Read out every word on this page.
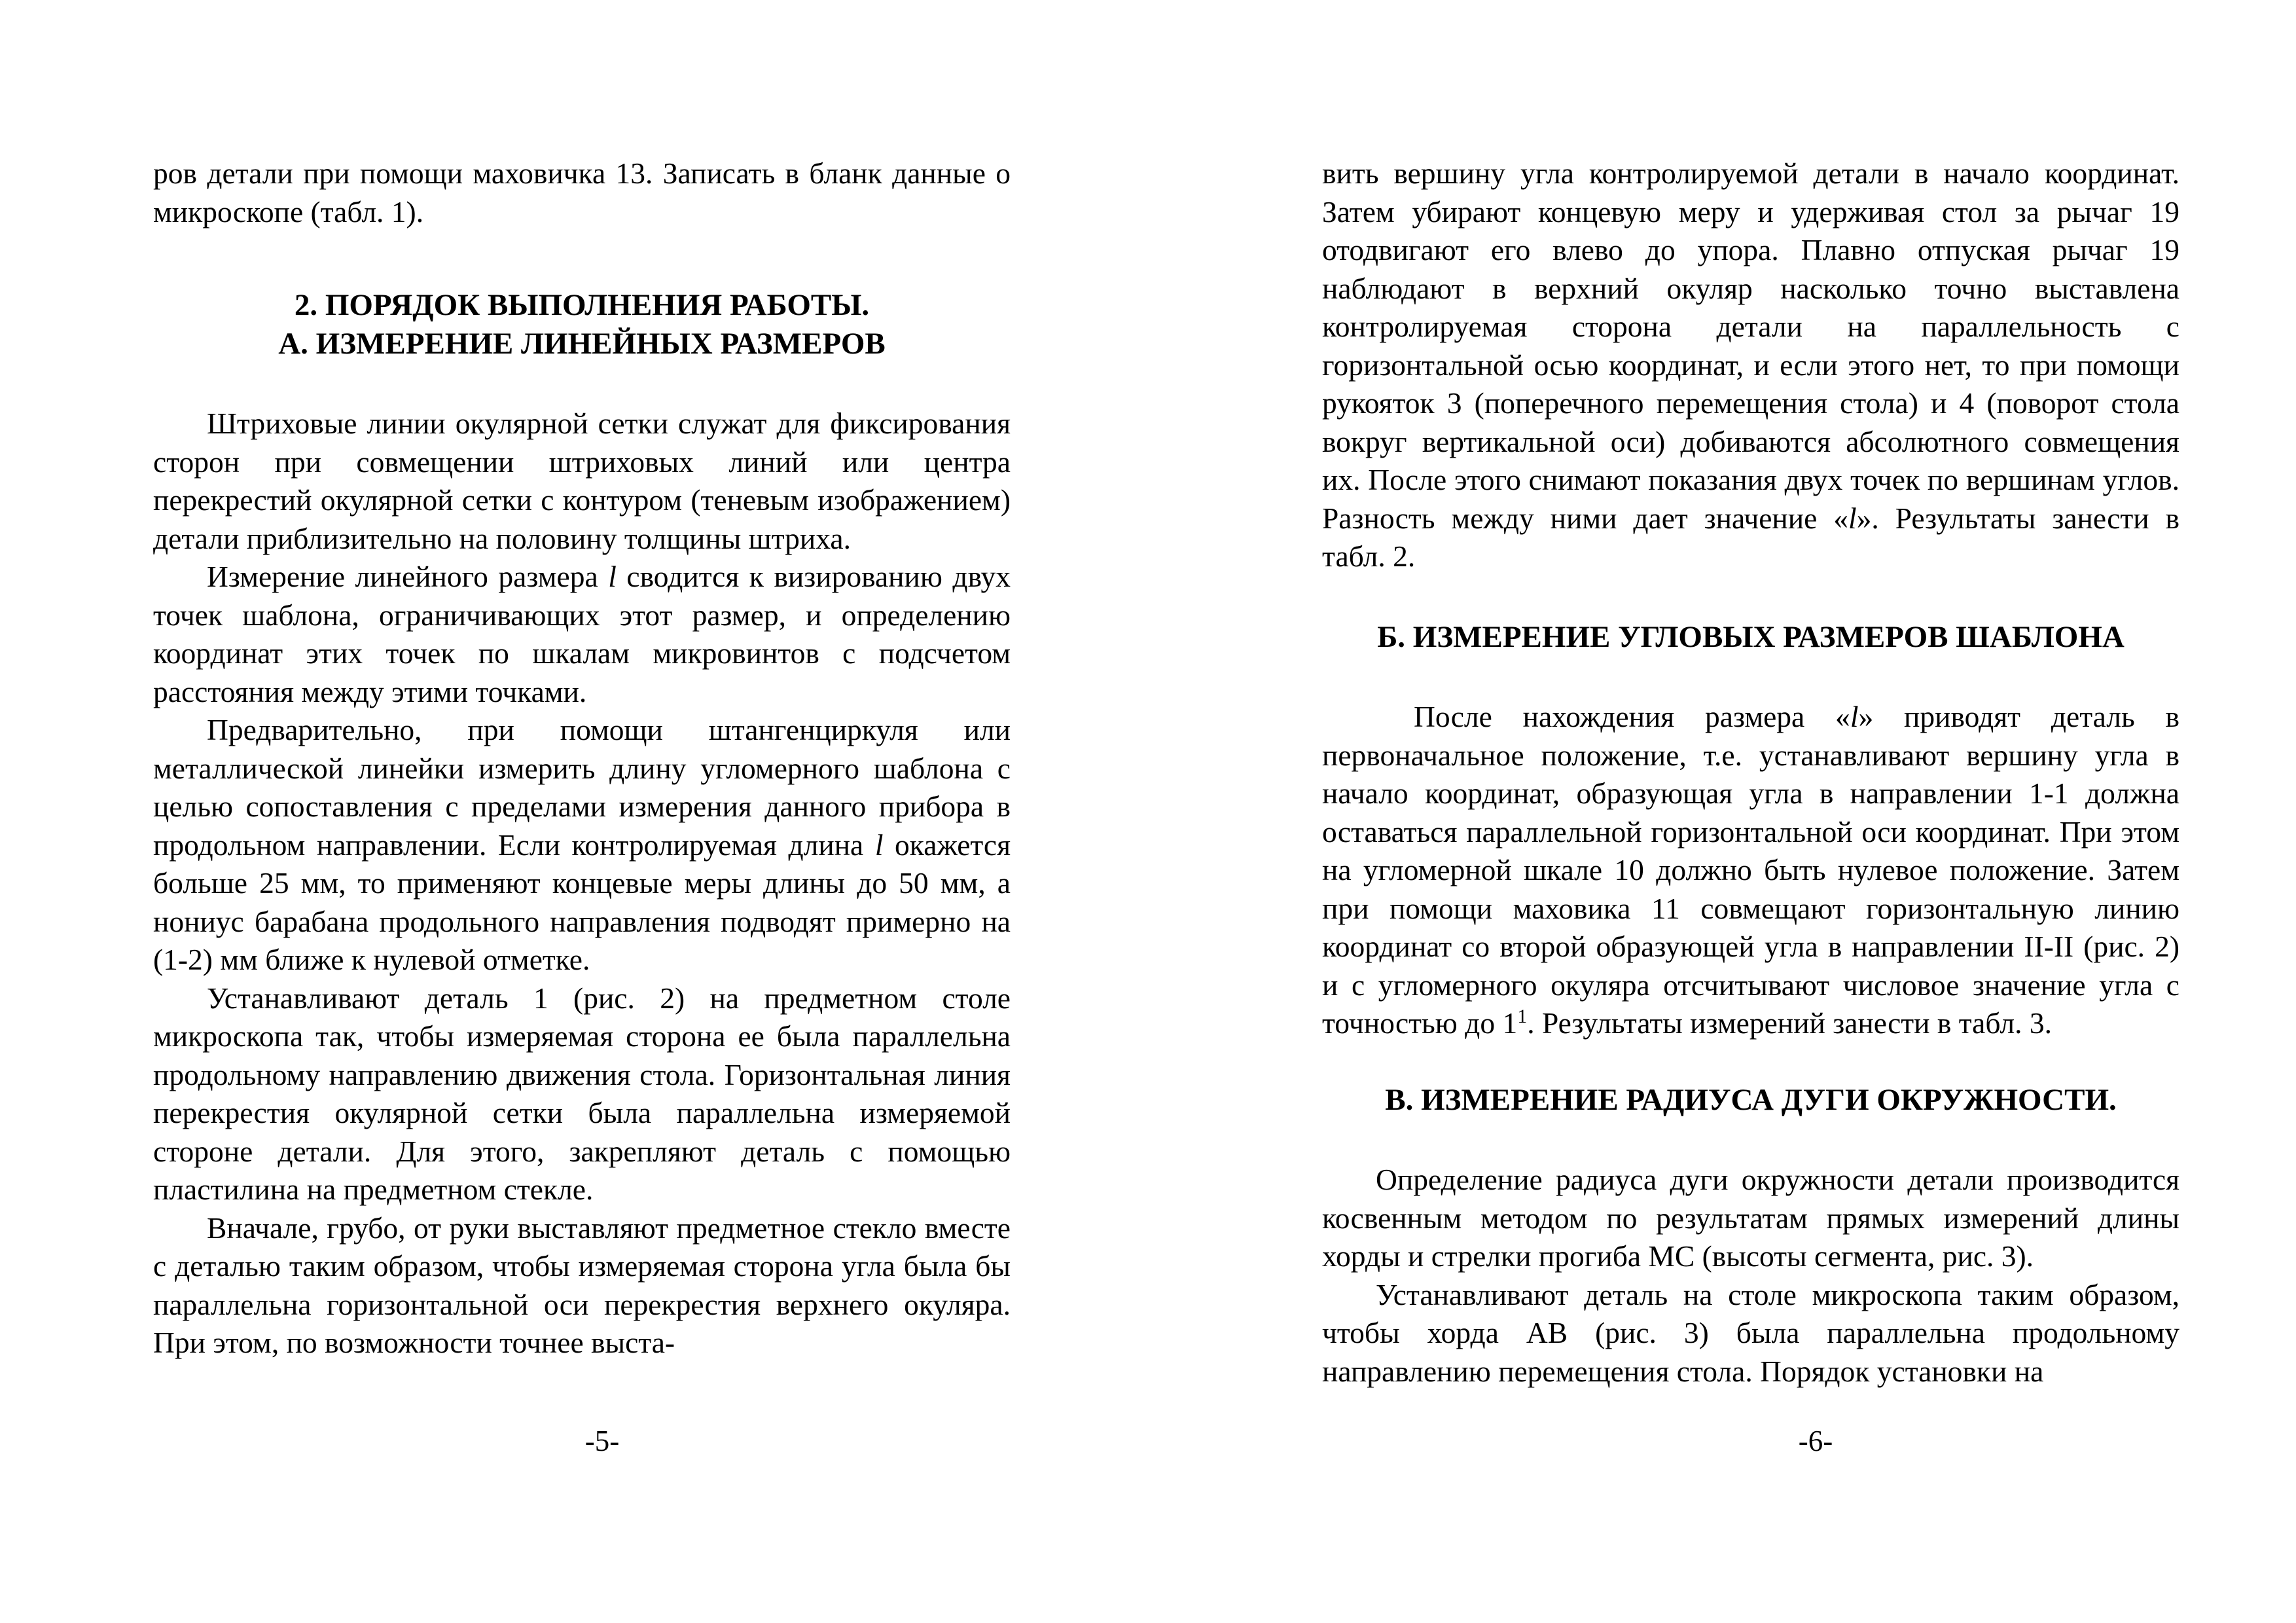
ров детали при помощи маховичка 13. Записать в бланк данные о микроскопе (табл. 1).

2. ПОРЯДОК ВЫПОЛНЕНИЯ РАБОТЫ.
А. ИЗМЕРЕНИЕ ЛИНЕЙНЫХ РАЗМЕРОВ

Штриховые линии окулярной сетки служат для фиксирования сторон при совмещении штриховых линий или центра перекрестий окулярной сетки с контуром (теневым изображением) детали приблизительно на половину толщины штриха.

Измерение линейного размера l сводится к визированию двух точек шаблона, ограничивающих этот размер, и определению координат этих точек по шкалам микровинтов с подсчетом расстояния между этими точками.

Предварительно, при помощи штангенциркуля или металлической линейки измерить длину угломерного шаблона с целью сопоставления с пределами измерения данного прибора в продольном направлении. Если контролируемая длина l окажется больше 25 мм, то применяют концевые меры длины до 50 мм, а нониус барабана продольного направления подводят примерно на (1-2) мм ближе к нулевой отметке.

Устанавливают деталь 1 (рис. 2) на предметном столе микроскопа так, чтобы измеряемая сторона ее была параллельна продольному направлению движения стола. Горизонтальная линия перекрестия окулярной сетки была параллельна измеряемой стороне детали. Для этого, закрепляют деталь с помощью пластилина на предметном стекле.

Вначале, грубо, от руки выставляют предметное стекло вместе с деталью таким образом, чтобы измеряемая сторона угла была бы параллельна горизонтальной оси перекрестия верхнего окуляра. При этом, по возможности точнее выста-

-5-

вить вершину угла контролируемой детали в начало координат. Затем убирают концевую меру и удерживая стол за рычаг 19 отодвигают его влево до упора. Плавно отпуская рычаг 19 наблюдают в верхний окуляр насколько точно выставлена контролируемая сторона детали на параллельность с горизонтальной осью координат, и если этого нет, то при помощи рукояток 3 (поперечного перемещения стола) и 4 (поворот стола вокруг вертикальной оси) добиваются абсолютного совмещения их. После этого снимают показания двух точек по вершинам углов. Разность между ними дает значение «l». Результаты занести в табл. 2.

Б. ИЗМЕРЕНИЕ УГЛОВЫХ РАЗМЕРОВ ШАБЛОНА

После нахождения размера «l» приводят деталь в первоначальное положение, т.е. устанавливают вершину угла в начало координат, образующая угла в направлении 1-1 должна оставаться параллельной горизонтальной оси координат. При этом на угломерной шкале 10 должно быть нулевое положение. Затем при помощи маховика 11 совмещают горизонтальную линию координат со второй образующей угла в направлении II-II (рис. 2) и с угломерного окуляра отсчитывают числовое значение угла с точностью до $1^1$. Результаты измерений занести в табл. 3.

В. ИЗМЕРЕНИЕ РАДИУСА ДУГИ ОКРУЖНОСТИ.

Определение радиуса дуги окружности детали производится косвенным методом по результатам прямых измерений длины хорды и стрелки прогиба МС (высоты сегмента, рис. 3).

Устанавливают деталь на столе микроскопа таким образом, чтобы хорда АВ (рис. 3) была параллельна продольному направлению перемещения стола. Порядок установки на

-6-
